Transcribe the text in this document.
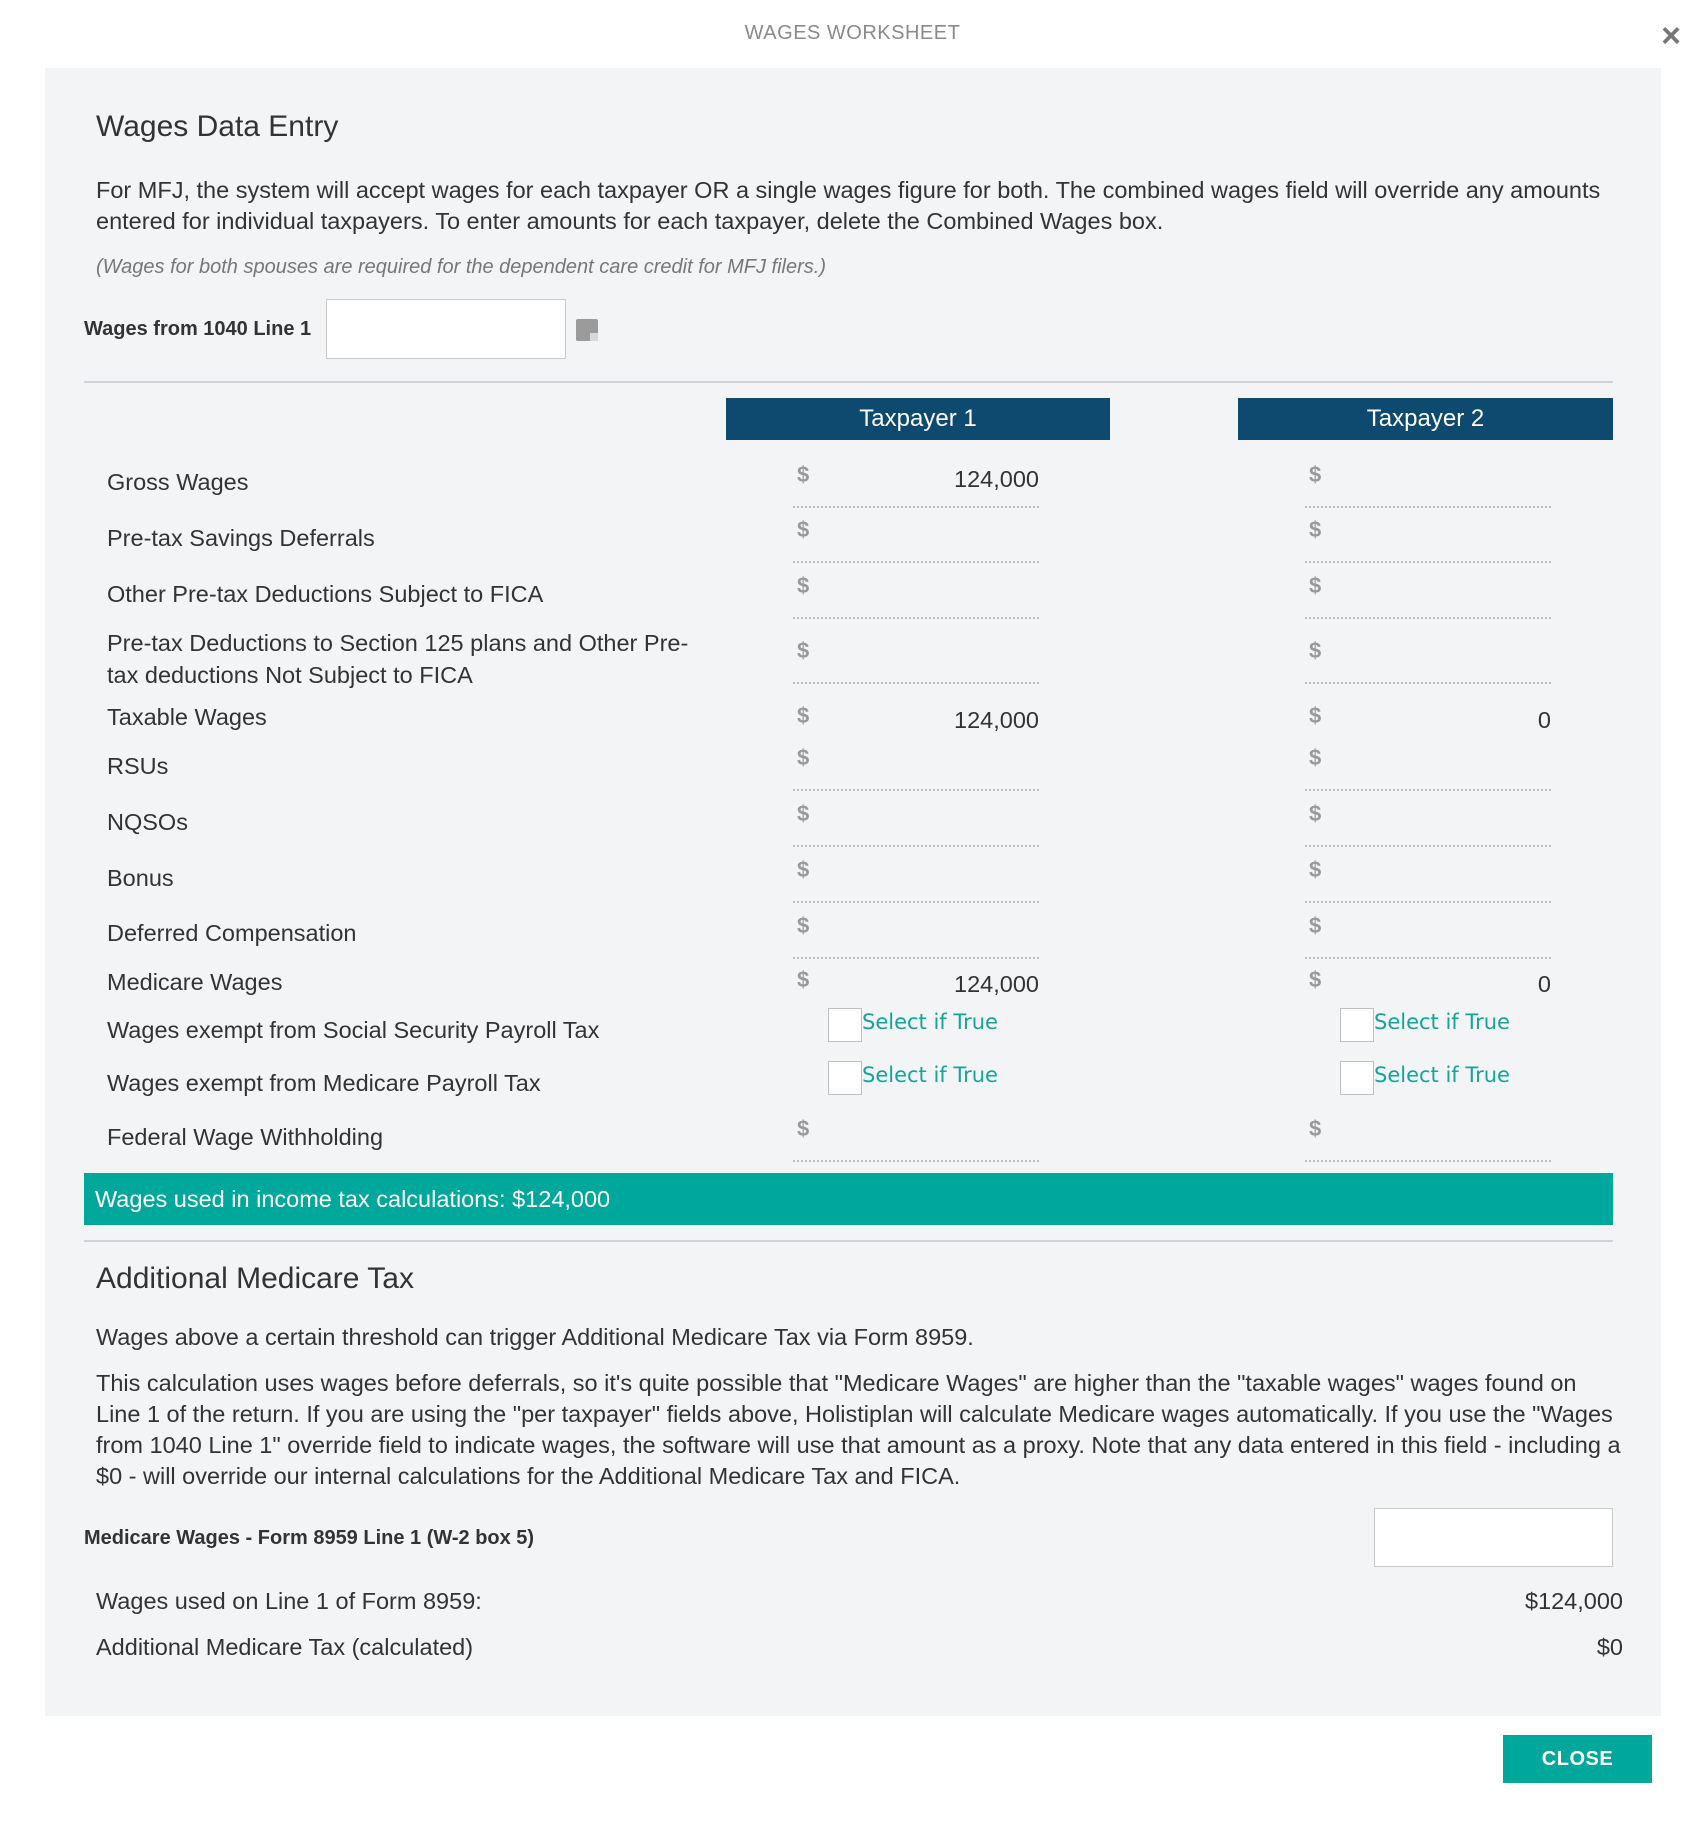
WAGES WORKSHEET	×
Wages Data Entry
For MFJ, the system will accept wages for each taxpayer OR a single wages figure for both. The combined wages field will override any amounts entered for individual taxpayers. To enter amounts for each taxpayer, delete the Combined Wages box.
(Wages for both spouses are required for the dependent care credit for MFJ filers.)
Wages from 1040 Line 1
Taxpayer 1	Taxpayer 2
Gross Wages	$	124,000	$
Pre-tax Savings Deferrals	$	$
Other Pre-tax Deductions Subject to FICA	$	$
Pre-tax Deductions to Section 125 plans and Other Pre-
tax deductions Not Subject to FICA
$	$
Taxable Wages	$	124,000	$	0
RSUs	$	$
NQSOs	$	$
Bonus	$	$
Deferred Compensation	$	$
Medicare Wages	$	124,000	$	0
Wages exempt from Social Security Payroll Tax	Select if True	Select if True
Wages exempt from Medicare Payroll Tax	Select if True	Select if True
Federal Wage Withholding	$	$
Wages used in income tax calculations: $124,000
Additional Medicare Tax
Wages above a certain threshold can trigger Additional Medicare Tax via Form 8959.
This calculation uses wages before deferrals, so it's quite possible that "Medicare Wages" are higher than the "taxable wages" wages found on Line 1 of the return. If you are using the "per taxpayer" fields above, Holistiplan will calculate Medicare wages automatically. If you use the "Wages from 1040 Line 1" override field to indicate wages, the software will use that amount as a proxy. Note that any data entered in this field - including a $0 - will override our internal calculations for the Additional Medicare Tax and FICA.
Medicare Wages - Form 8959 Line 1 (W-2 box 5)
Wages used on Line 1 of Form 8959:	$124,000
Additional Medicare Tax (calculated)	$0
CLOSE
